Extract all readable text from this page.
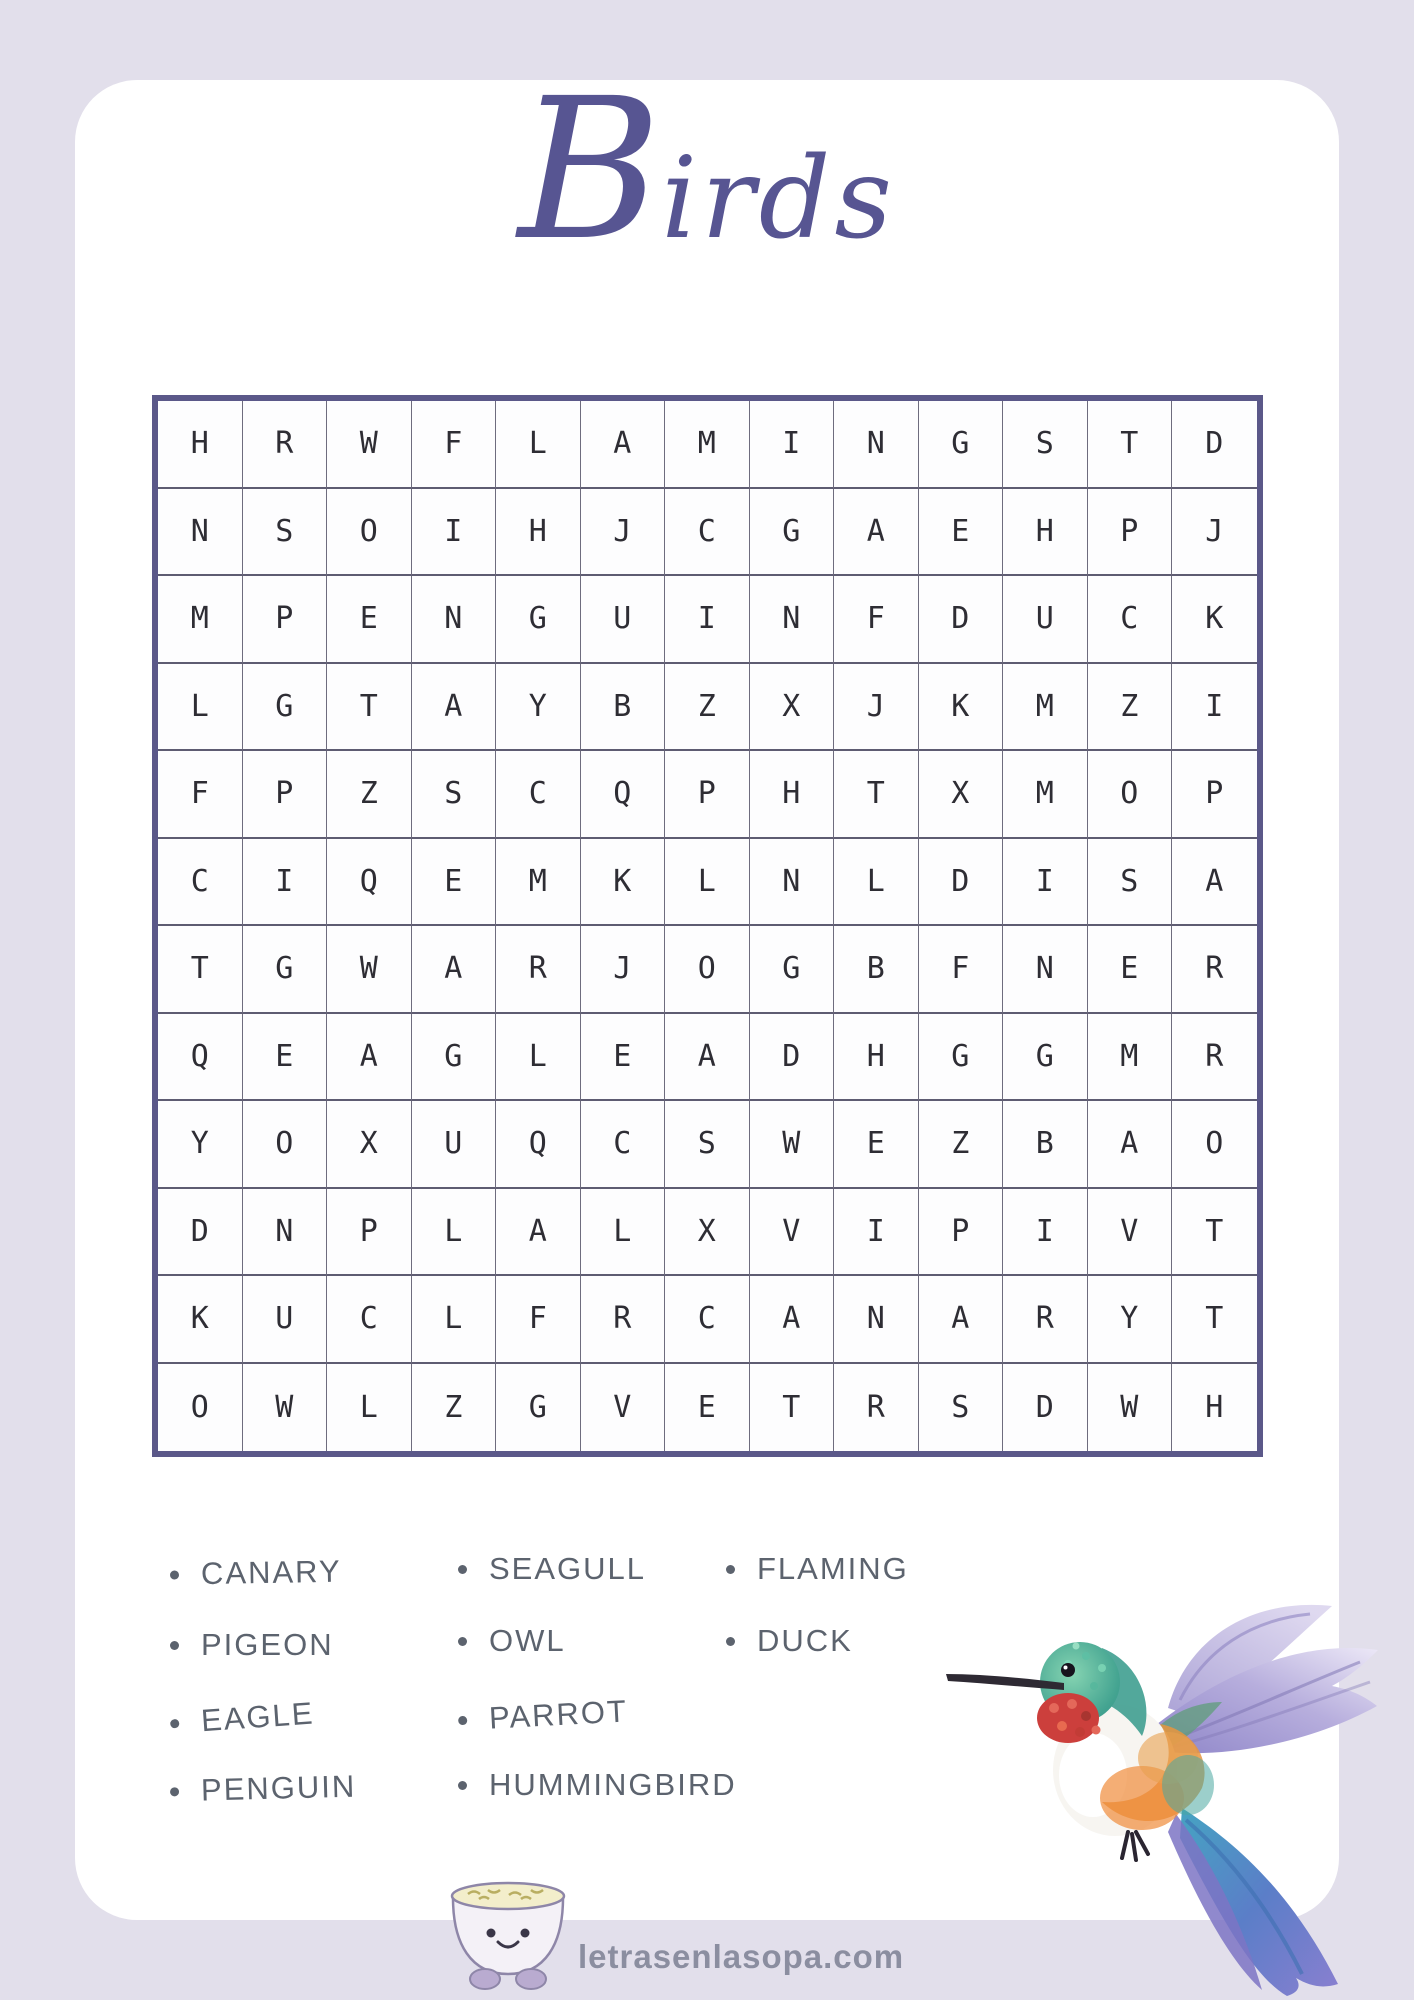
Birds
H	R	W	F	L	A	M	I	N	G	S	T	D
N	S	O	I	H	J	C	G	A	E	H	P	J
M	P	E	N	G	U	I	N	F	D	U	C	K
L	G	T	A	Y	B	Z	X	J	K	M	Z	I
F	P	Z	S	C	Q	P	H	T	X	M	O	P
C	I	Q	E	M	K	L	N	L	D	I	S	A
T	G	W	A	R	J	O	G	B	F	N	E	R
Q	E	A	G	L	E	A	D	H	G	G	M	R
Y	O	X	U	Q	C	S	W	E	Z	B	A	O
D	N	P	L	A	L	X	V	I	P	I	V	T
K	U	C	L	F	R	C	A	N	A	R	Y	T
O	W	L	Z	G	V	E	T	R	S	D	W	H
CANARY
PIGEON
EAGLE
PENGUIN
SEAGULL
OWL
PARROT
HUMMINGBIRD
FLAMING
DUCK
letrasenlasopa.com
